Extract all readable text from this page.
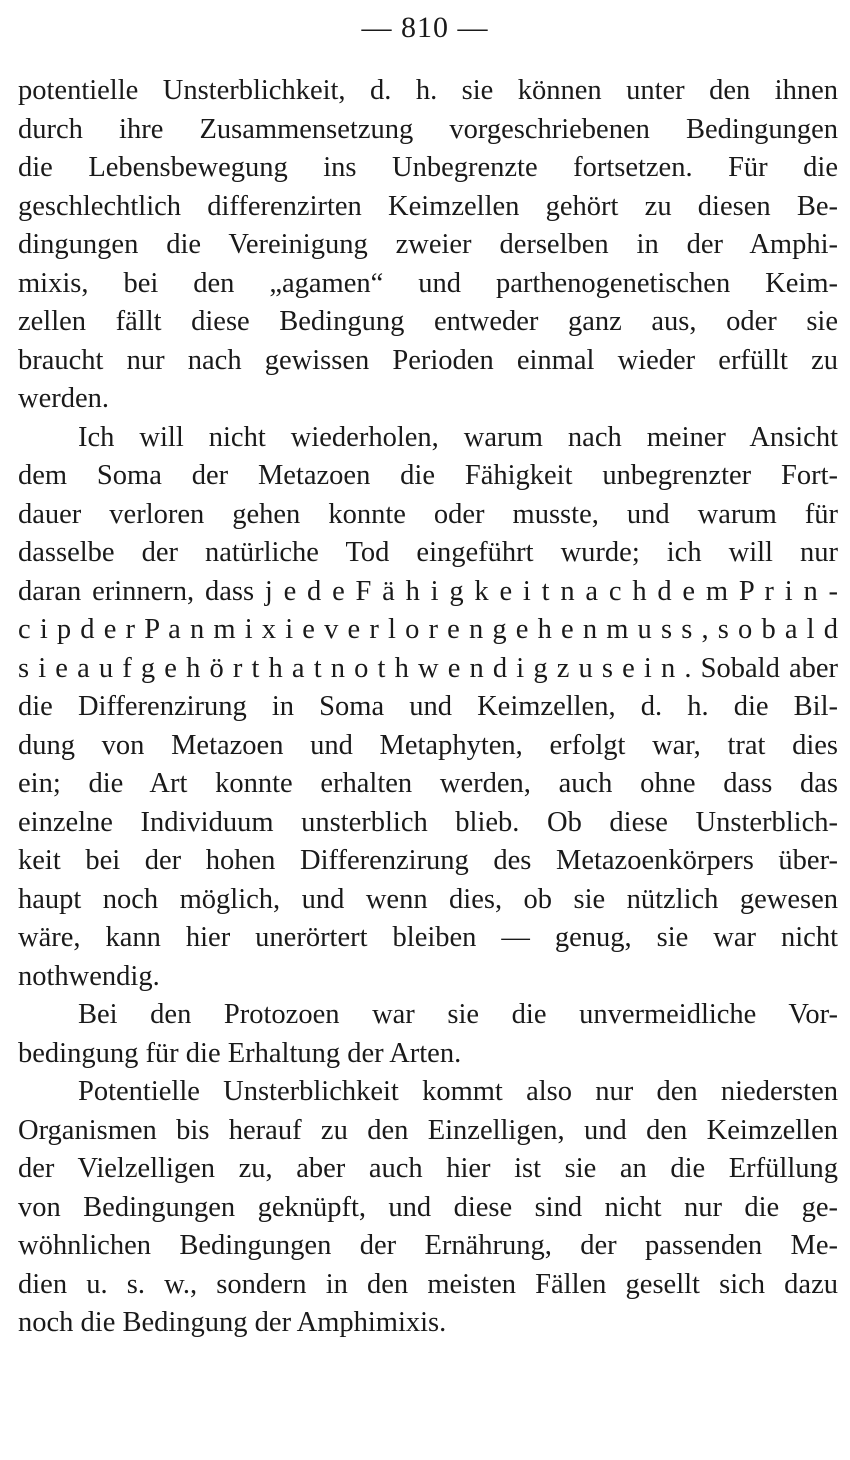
— 810 —
potentielle Unsterblichkeit, d. h. sie können unter den ihnen
durch ihre Zusammensetzung vorgeschriebenen Bedingungen
die Lebensbewegung ins Unbegrenzte fortsetzen. Für die
geschlechtlich differenzirten Keimzellen gehört zu diesen Be-
dingungen die Vereinigung zweier derselben in der Amphi-
mixis, bei den „agamen“ und parthenogenetischen Keim-
zellen fällt diese Bedingung entweder ganz aus, oder sie
braucht nur nach gewissen Perioden einmal wieder erfüllt zu
werden.
Ich will nicht wiederholen, warum nach meiner Ansicht
dem Soma der Metazoen die Fähigkeit unbegrenzter Fort-
dauer verloren gehen konnte oder musste, und warum für
dasselbe der natürliche Tod eingeführt wurde; ich will nur
daran erinnern, dass j e d e F ä h i g k e i t n a c h d e m P r i n -
c i p d e r P a n m i x i e v e r l o r e n g e h e n m u s s , s o b a l d
s i e a u f g e h ö r t h a t n o t h w e n d i g z u s e i n . Sobald aber
die Differenzirung in Soma und Keimzellen, d. h. die Bil-
dung von Metazoen und Metaphyten, erfolgt war, trat dies
ein; die Art konnte erhalten werden, auch ohne dass das
einzelne Individuum unsterblich blieb. Ob diese Unsterblich-
keit bei der hohen Differenzirung des Metazoenkörpers über-
haupt noch möglich, und wenn dies, ob sie nützlich gewesen
wäre, kann hier unerörtert bleiben — genug, sie war nicht
nothwendig.
Bei den Protozoen war sie die unvermeidliche Vor-
bedingung für die Erhaltung der Arten.
Potentielle Unsterblichkeit kommt also nur den niedersten
Organismen bis herauf zu den Einzelligen, und den Keimzellen
der Vielzelligen zu, aber auch hier ist sie an die Erfüllung
von Bedingungen geknüpft, und diese sind nicht nur die ge-
wöhnlichen Bedingungen der Ernährung, der passenden Me-
dien u. s. w., sondern in den meisten Fällen gesellt sich dazu
noch die Bedingung der Amphimixis.
